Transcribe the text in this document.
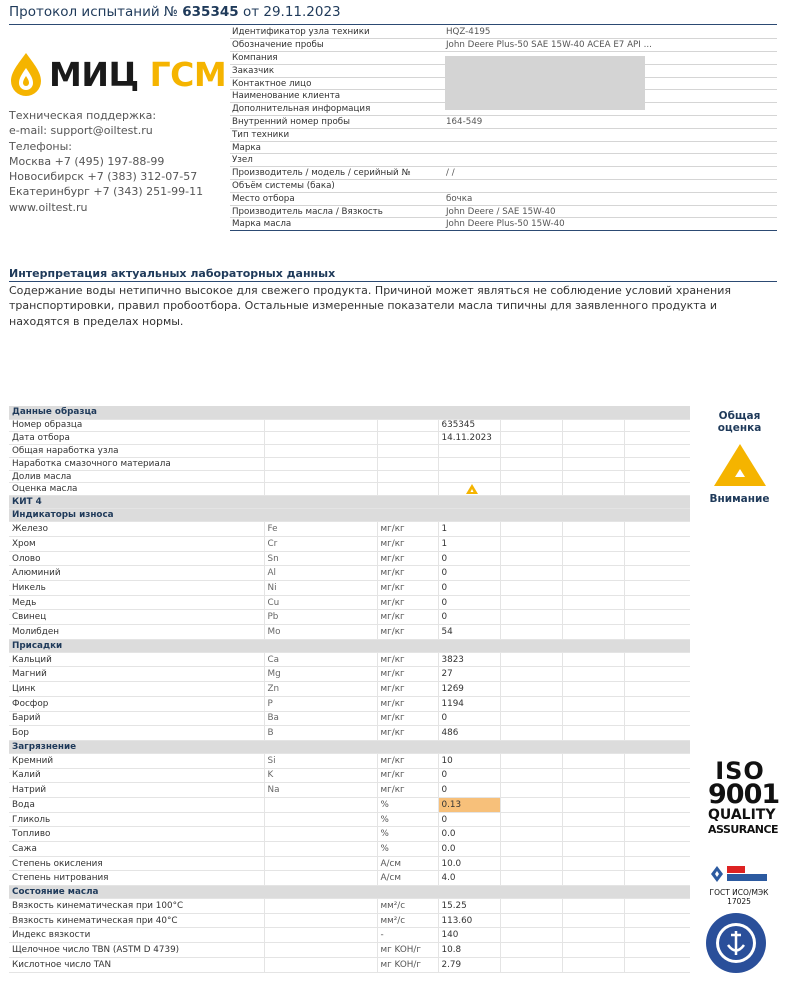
Протокол испытаний № 635345 от 29.11.2023
МИЦ ГСМ
Техническая поддержка:
e-mail: support@oiltest.ru
Телефоны:
Москва +7 (495) 197-88-99
Новосибирск +7 (383) 312-07-57
Екатеринбург +7 (343) 251-99-11
www.oiltest.ru
Идентификатор узла техники	HQZ-4195
Обозначение пробы	John Deere Plus-50 SAE 15W-40 ACEA E7 API ...
Компания	
Заказчик	
Контактное лицо	
Наименование клиента	
Дополнительная информация	
Внутренний номер пробы	164-549
Тип техники	
Марка	
Узел	
Производитель / модель / серийный №	/ /
Объём системы (бака)	
Место отбора	бочка
Производитель масла / Вязкость	John Deere / SAE 15W-40
Марка масла	John Deere Plus-50 15W-40
Интерпретация актуальных лабораторных данных
Содержание воды нетипично высокое для свежего продукта. Причиной может являться не соблюдение условий хранения транспортировки, правил пробоотбора. Остальные измеренные показатели масла типичны для заявленного продукта и находятся в пределах нормы.
Данные образца						
Номер образца			635345			
Дата отбора			14.11.2023			
Общая наработка узла						
Наработка смазочного материала						
Долив масла						
Оценка масла						
КИТ 4						
Индикаторы износа						
Железо	Fe	мг/кг	1			
Хром	Cr	мг/кг	1			
Олово	Sn	мг/кг	0			
Алюминий	Al	мг/кг	0			
Никель	Ni	мг/кг	0			
Медь	Cu	мг/кг	0			
Свинец	Pb	мг/кг	0			
Молибден	Mo	мг/кг	54			
Присадки						
Кальций	Ca	мг/кг	3823			
Магний	Mg	мг/кг	27			
Цинк	Zn	мг/кг	1269			
Фосфор	P	мг/кг	1194			
Барий	Ba	мг/кг	0			
Бор	B	мг/кг	486			
Загрязнение						
Кремний	Si	мг/кг	10			
Калий	K	мг/кг	0			
Натрий	Na	мг/кг	0			
Вода		%	0.13			
Гликоль		%	0			
Топливо		%	0.0			
Сажа		%	0.0			
Степень окисления		А/см	10.0			
Степень нитрования		А/см	4.0			
Состояние масла						
Вязкость кинематическая при 100°С		мм²/с	15.25			
Вязкость кинематическая при 40°С		мм²/с	113.60			
Индекс вязкости		-	140			
Щелочное число TBN (ASTM D 4739)		мг KOH/г	10.8			
Кислотное число TAN		мг KOH/г	2.79			
Общая оценка
Внимание
ISO
9001
QUALITY
ASSURANCE
ГОСТ ИСО/МЭК
17025
